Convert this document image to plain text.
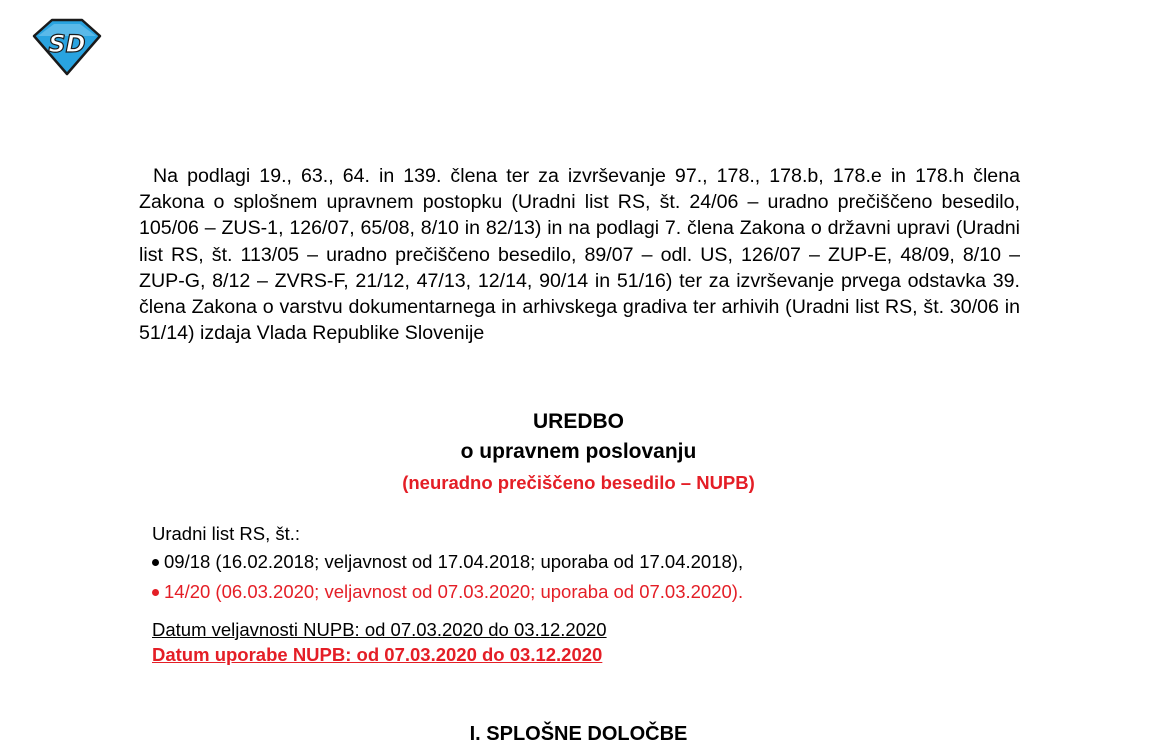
SD

Na podlagi 19., 63., 64. in 139. člena ter za izvrševanje 97., 178., 178.b, 178.e in 178.h člena Zakona o splošnem upravnem postopku (Uradni list RS, št. 24/06 – uradno prečiščeno besedilo, 105/06 – ZUS-1, 126/07, 65/08, 8/10 in 82/13) in na podlagi 7. člena Zakona o državni upravi (Uradni list RS, št. 113/05 – uradno prečiščeno besedilo, 89/07 – odl. US, 126/07 – ZUP-E, 48/09, 8/10 – ZUP-G, 8/12 – ZVRS-F, 21/12, 47/13, 12/14, 90/14 in 51/16) ter za izvrševanje prvega odstavka 39. člena Zakona o varstvu dokumentarnega in arhivskega gradiva ter arhivih (Uradni list RS, št. 30/06 in 51/14) izdaja Vlada Republike Slovenije

UREDBO
o upravnem poslovanju
(neuradno prečiščeno besedilo – NUPB)
Uradni list RS, št.:
09/18 (16.02.2018; veljavnost od 17.04.2018; uporaba od 17.04.2018),
14/20 (06.03.2020; veljavnost od 07.03.2020; uporaba od 07.03.2020).
Datum veljavnosti NUPB: od 07.03.2020 do 03.12.2020
Datum uporabe NUPB: od 07.03.2020 do 03.12.2020
I. SPLOŠNE DOLOČBE
